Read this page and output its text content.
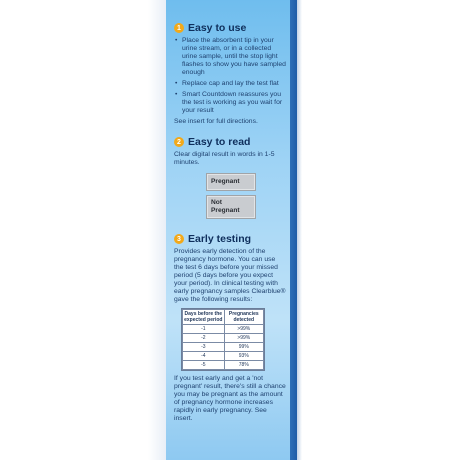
1 Easy to use
• Place the absorbent tip in your urine stream, or in a collected urine sample, until the stop light flashes to show you have sampled enough
• Replace cap and lay the test flat
• Smart Countdown reassures you the test is working as you wait for your result

See insert for full directions.

2 Easy to read

Clear digital result in words in 1-5 minutes.

Pregnant
Not
Pregnant
3 Early testing

Provides early detection of the pregnancy hormone. You can use the test 6 days before your missed period (5 days before you expect your period). In clinical testing with early pregnancy samples Clearblue® gave the following results:

Days before the expected period	Pregnancies detected
-1	>99%
-2	>99%
-3	99%
-4	93%
-5	78%

If you test early and get a 'not pregnant' result, there's still a chance you may be pregnant as the amount of pregnancy hormone increases rapidly in early pregnancy. See insert.
